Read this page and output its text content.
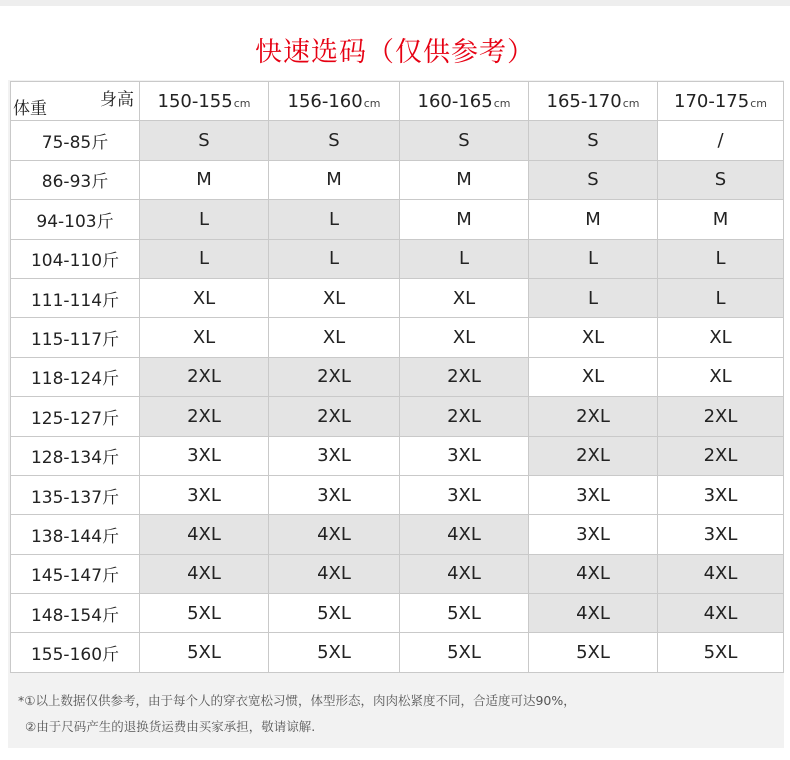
快速选码（仅供参考）
身高
体重	150-155cm	156-160cm	160-165cm	165-170cm	170-175cm
75-85斤	S	S	S	S	/
86-93斤	M	M	M	S	S
94-103斤	L	L	M	M	M
104-110斤	L	L	L	L	L
111-114斤	XL	XL	XL	L	L
115-117斤	XL	XL	XL	XL	XL
118-124斤	2XL	2XL	2XL	XL	XL
125-127斤	2XL	2XL	2XL	2XL	2XL
128-134斤	3XL	3XL	3XL	2XL	2XL
135-137斤	3XL	3XL	3XL	3XL	3XL
138-144斤	4XL	4XL	4XL	3XL	3XL
145-147斤	4XL	4XL	4XL	4XL	4XL
148-154斤	5XL	5XL	5XL	4XL	4XL
155-160斤	5XL	5XL	5XL	5XL	5XL
*①以上数据仅供参考，由于每个人的穿衣宽松习惯，体型形态，肉肉松紧度不同，合适度可达90%，
②由于尺码产生的退换货运费由买家承担，敬请谅解.
